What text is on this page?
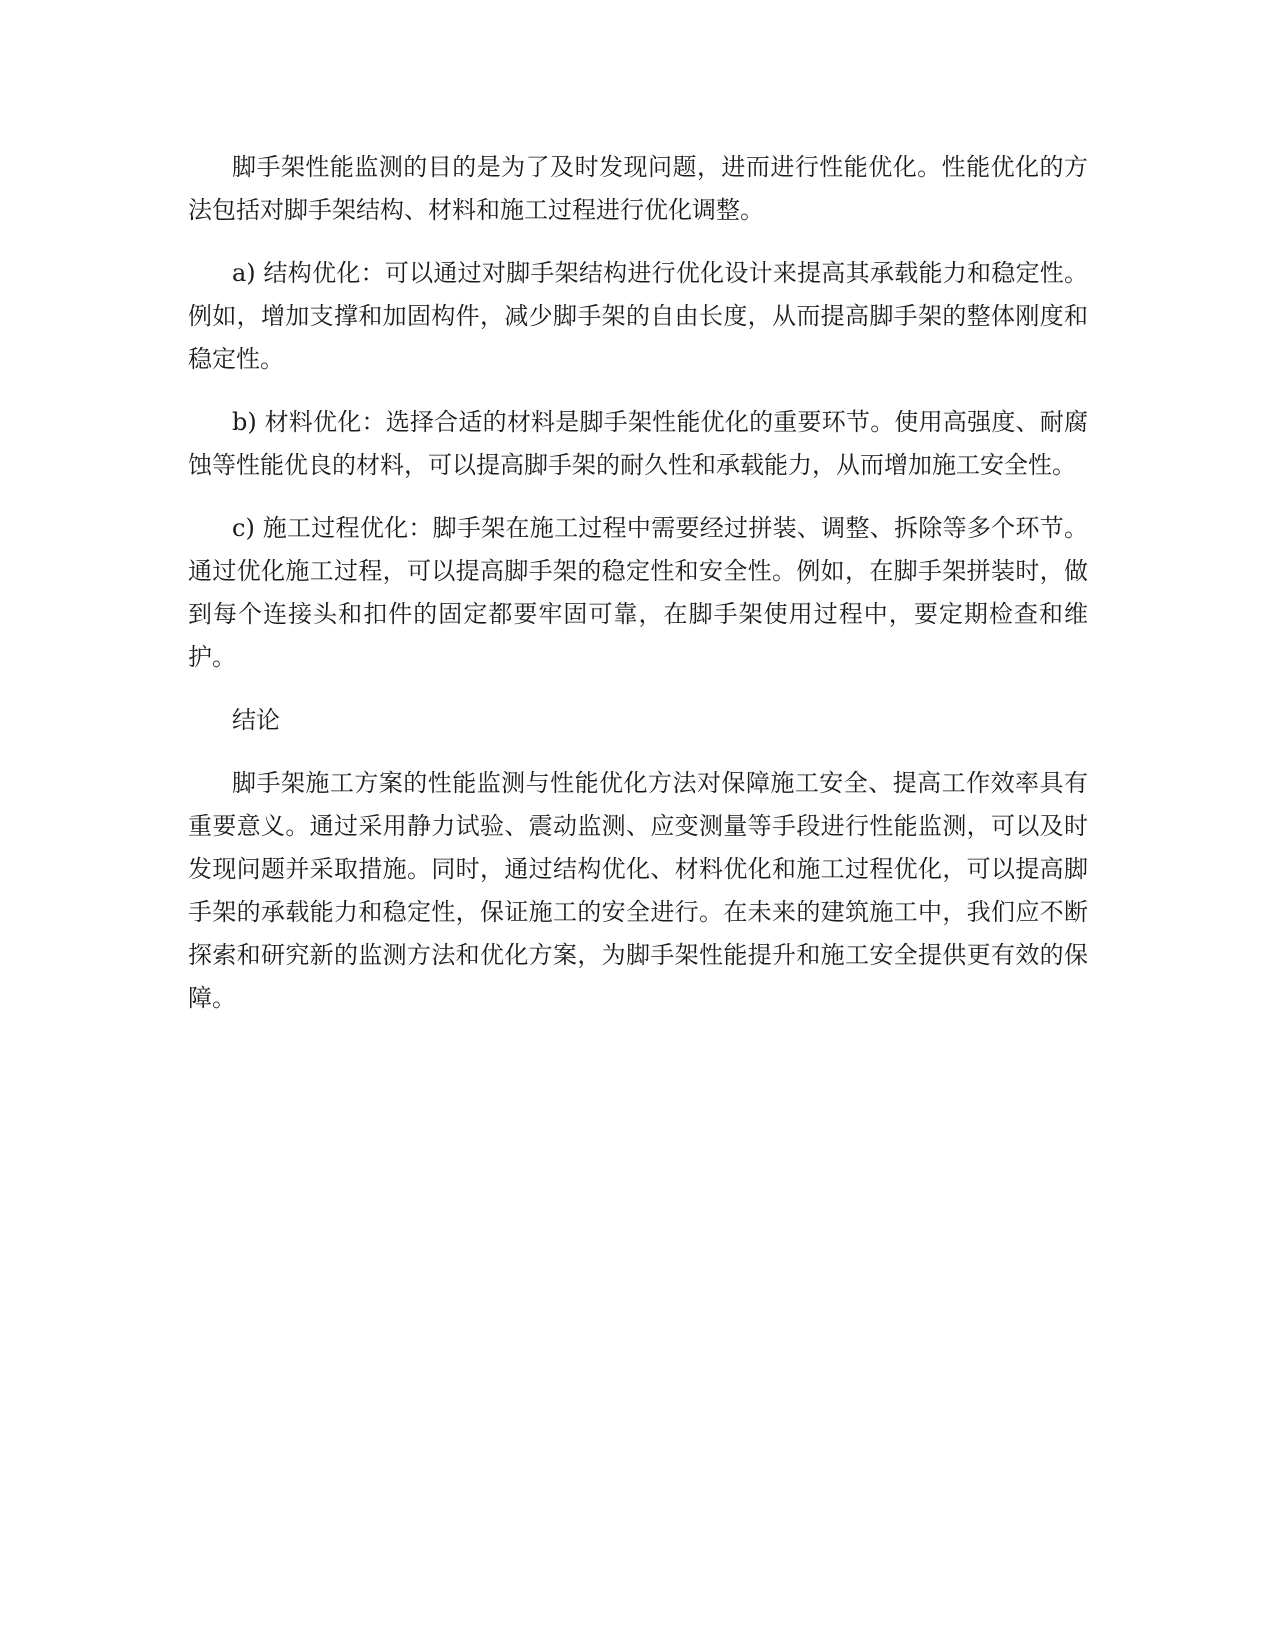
脚手架性能监测的目的是为了及时发现问题，进而进行性能优化。性能优化的方法包括对脚手架结构、材料和施工过程进行优化调整。

a) 结构优化：可以通过对脚手架结构进行优化设计来提高其承载能力和稳定性。例如，增加支撑和加固构件，减少脚手架的自由长度，从而提高脚手架的整体刚度和稳定性。

b) 材料优化：选择合适的材料是脚手架性能优化的重要环节。使用高强度、耐腐蚀等性能优良的材料，可以提高脚手架的耐久性和承载能力，从而增加施工安全性。

c) 施工过程优化：脚手架在施工过程中需要经过拼装、调整、拆除等多个环节。通过优化施工过程，可以提高脚手架的稳定性和安全性。例如，在脚手架拼装时，做到每个连接头和扣件的固定都要牢固可靠，在脚手架使用过程中，要定期检查和维护。

结论

脚手架施工方案的性能监测与性能优化方法对保障施工安全、提高工作效率具有重要意义。通过采用静力试验、震动监测、应变测量等手段进行性能监测，可以及时发现问题并采取措施。同时，通过结构优化、材料优化和施工过程优化，可以提高脚手架的承载能力和稳定性，保证施工的安全进行。在未来的建筑施工中，我们应不断探索和研究新的监测方法和优化方案，为脚手架性能提升和施工安全提供更有效的保障。
